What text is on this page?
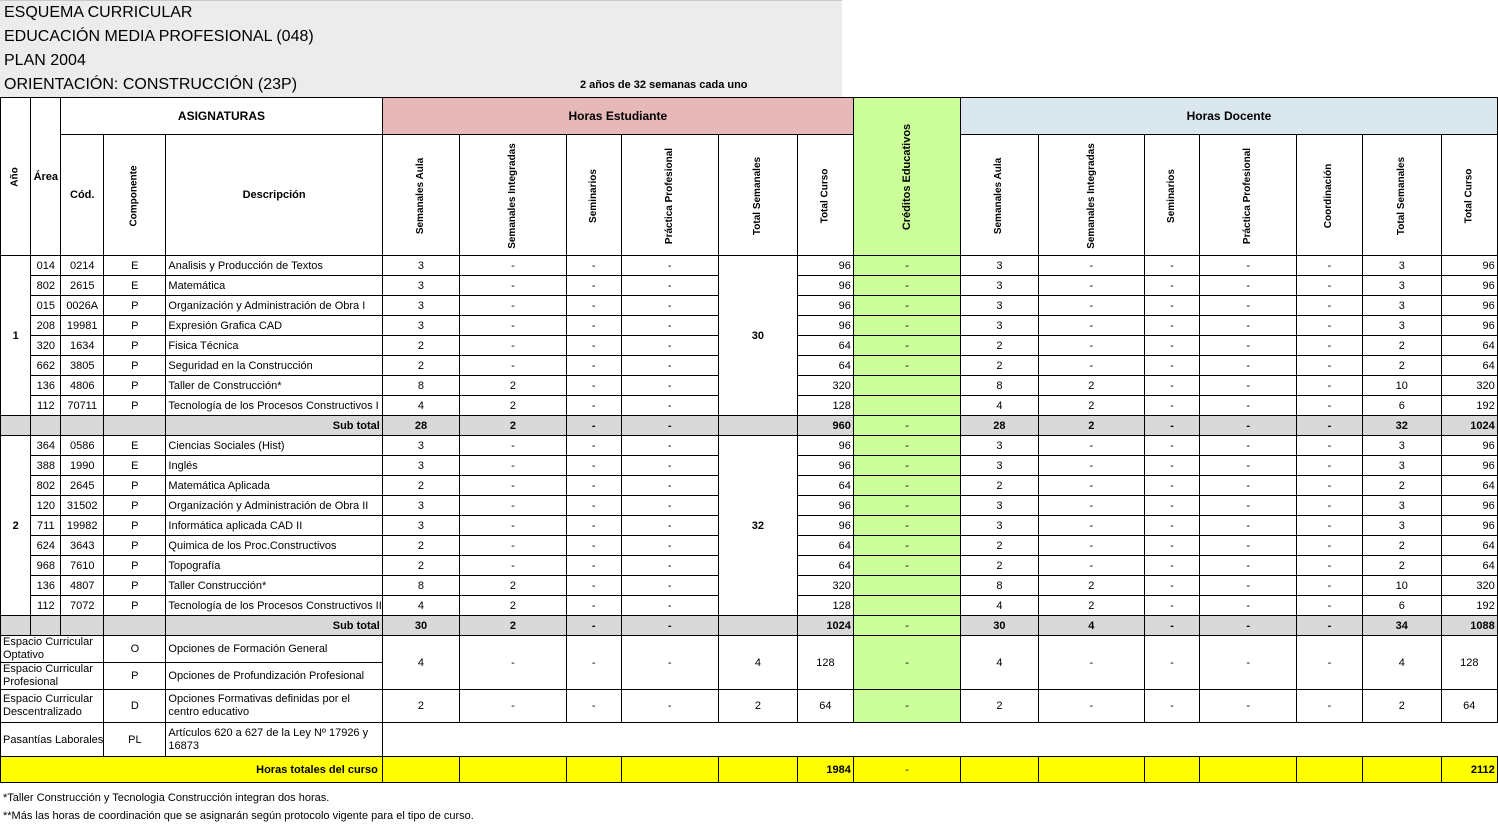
ESQUEMA CURRICULAR
EDUCACIÓN MEDIA PROFESIONAL (048)
PLAN 2004
ORIENTACIÓN: CONSTRUCCIÓN (23P)	2 años de 32 semanas cada uno
Año	Área	ASIGNATURAS			Horas Estudiante						Créditos Educativos	Horas Docente						
		Cód.	Componente	Descripción	Semanales Aula	Semanales Integradas	Seminarios	Práctica Profesional	Total Semanales	Total Curso		Semanales Aula	Semanales Integradas	Seminarios	Práctica Profesional	Coordinación	Total Semanales	Total Curso
1	014	0214	E	Analisis y Producción de Textos	3	-	-	-	30	96	-	3	-	-	-	-	3	96
	802	2615	E	Matemática	3	-	-	-		96	-	3	-	-	-	-	3	96
	015	0026A	P	Organización y Administración de Obra I	3	-	-	-		96	-	3	-	-	-	-	3	96
	208	19981	P	Expresión Grafica CAD	3	-	-	-		96	-	3	-	-	-	-	3	96
	320	1634	P	Fisica Técnica	2	-	-	-		64	-	2	-	-	-	-	2	64
	662	3805	P	Seguridad en la Construcción	2	-	-	-		64	-	2	-	-	-	-	2	64
	136	4806	P	Taller de Construcción*	8	2	-	-		320		8	2	-	-	-	10	320
	112	70711	P	Tecnología de los Procesos Constructivos I	4	2	-	-		128		4	2	-	-	-	6	192
				Sub total	28	2	-	-		960	-	28	2	-	-	-	32	1024
2	364	0586	E	Ciencias Sociales (Hist)	3	-	-	-	32	96	-	3	-	-	-	-	3	96
	388	1990	E	Inglés	3	-	-	-		96	-	3	-	-	-	-	3	96
	802	2645	P	Matemática Aplicada	2	-	-	-		64	-	2	-	-	-	-	2	64
	120	31502	P	Organización y Administración de Obra II	3	-	-	-		96	-	3	-	-	-	-	3	96
	711	19982	P	Informática aplicada CAD II	3	-	-	-		96	-	3	-	-	-	-	3	96
	624	3643	P	Quimica de los Proc.Constructivos	2	-	-	-		64	-	2	-	-	-	-	2	64
	968	7610	P	Topografía	2	-	-	-		64	-	2	-	-	-	-	2	64
	136	4807	P	Taller Construcción*	8	2	-	-		320		8	2	-	-	-	10	320
	112	7072	P	Tecnología de los Procesos Constructivos II	4	2	-	-		128		4	2	-	-	-	6	192
				Sub total	30	2	-	-		1024	-	30	4	-	-	-	34	1088
Espacio Curricular Optativo			O	Opciones de Formación General	4	-	-	-	4	128	-	4	-	-	-	-	4	128
Espacio Curricular Profesional			P	Opciones de Profundización Profesional														
Espacio Curricular Descentralizado			D	Opciones Formativas definidas por el centro educativo	2	-	-	-	2	64	-	2	-	-	-	-	2	64
Pasantías Laborales			PL	Artículos 620 a 627 de la Ley Nº 17926 y 16873														
Horas totales del curso										1984	-							2112
*Taller Construcción y Tecnologia Construcción integran dos horas.
**Más las horas de coordinación que se asignarán según protocolo vigente para el tipo de curso.
